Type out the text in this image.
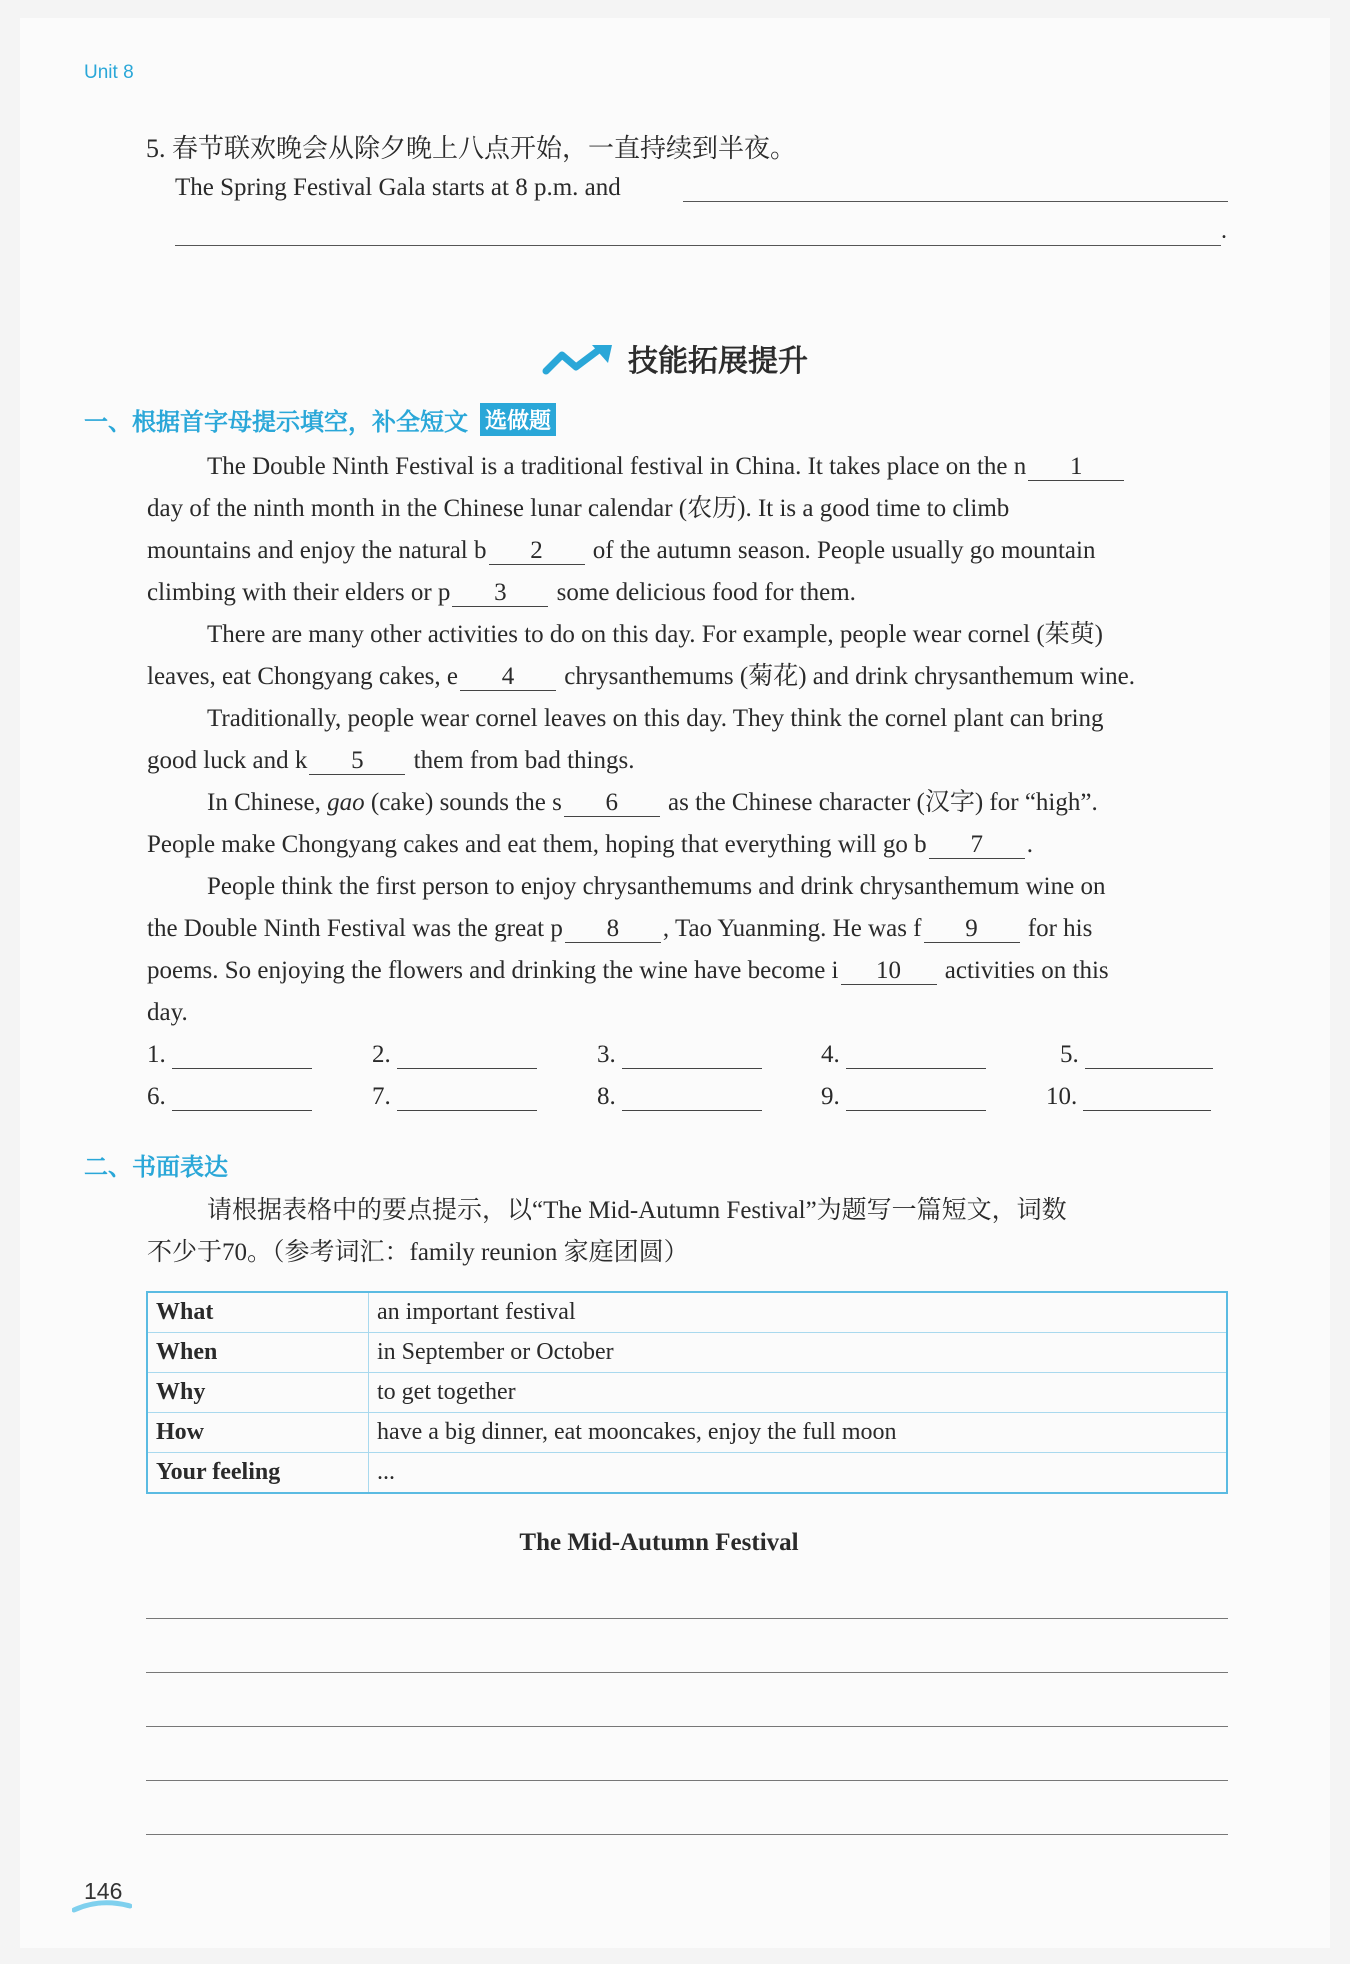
Unit 8
5. 春节联欢晚会从除夕晚上八点开始，一直持续到半夜。
The Spring Festival Gala starts at 8 p.m. and
.
技能拓展提升
一、根据首字母提示填空，补全短文 选做题
The Double Ninth Festival is a traditional festival in China. It takes place on the n 1
day of the ninth month in the Chinese lunar calendar (农历). It is a good time to climb
mountains and enjoy the natural b 2 of the autumn season. People usually go mountain
climbing with their elders or p 3 some delicious food for them.
There are many other activities to do on this day. For example, people wear cornel (茱萸)
leaves, eat Chongyang cakes, e 4 chrysanthemums (菊花) and drink chrysanthemum wine.
Traditionally, people wear cornel leaves on this day. They think the cornel plant can bring
good luck and k 5 them from bad things.
In Chinese, gao (cake) sounds the s 6 as the Chinese character (汉字) for “high”.
People make Chongyang cakes and eat them, hoping that everything will go b 7 .
People think the first person to enjoy chrysanthemums and drink chrysanthemum wine on
the Double Ninth Festival was the great p 8 , Tao Yuanming. He was f 9 for his
poems. So enjoying the flowers and drinking the wine have become i 10 activities on this
day.
1.	2.	3.	4.	5.
6.	7.	8.	9.	10.
二、书面表达
请根据表格中的要点提示，以“The Mid-Autumn Festival”为题写一篇短文，词数
不少于70。（参考词汇：family reunion 家庭团圆）
What	an important festival
When	in September or October
Why	to get together
How	have a big dinner, eat mooncakes, enjoy the full moon
Your feeling	...
The Mid-Autumn Festival
146
